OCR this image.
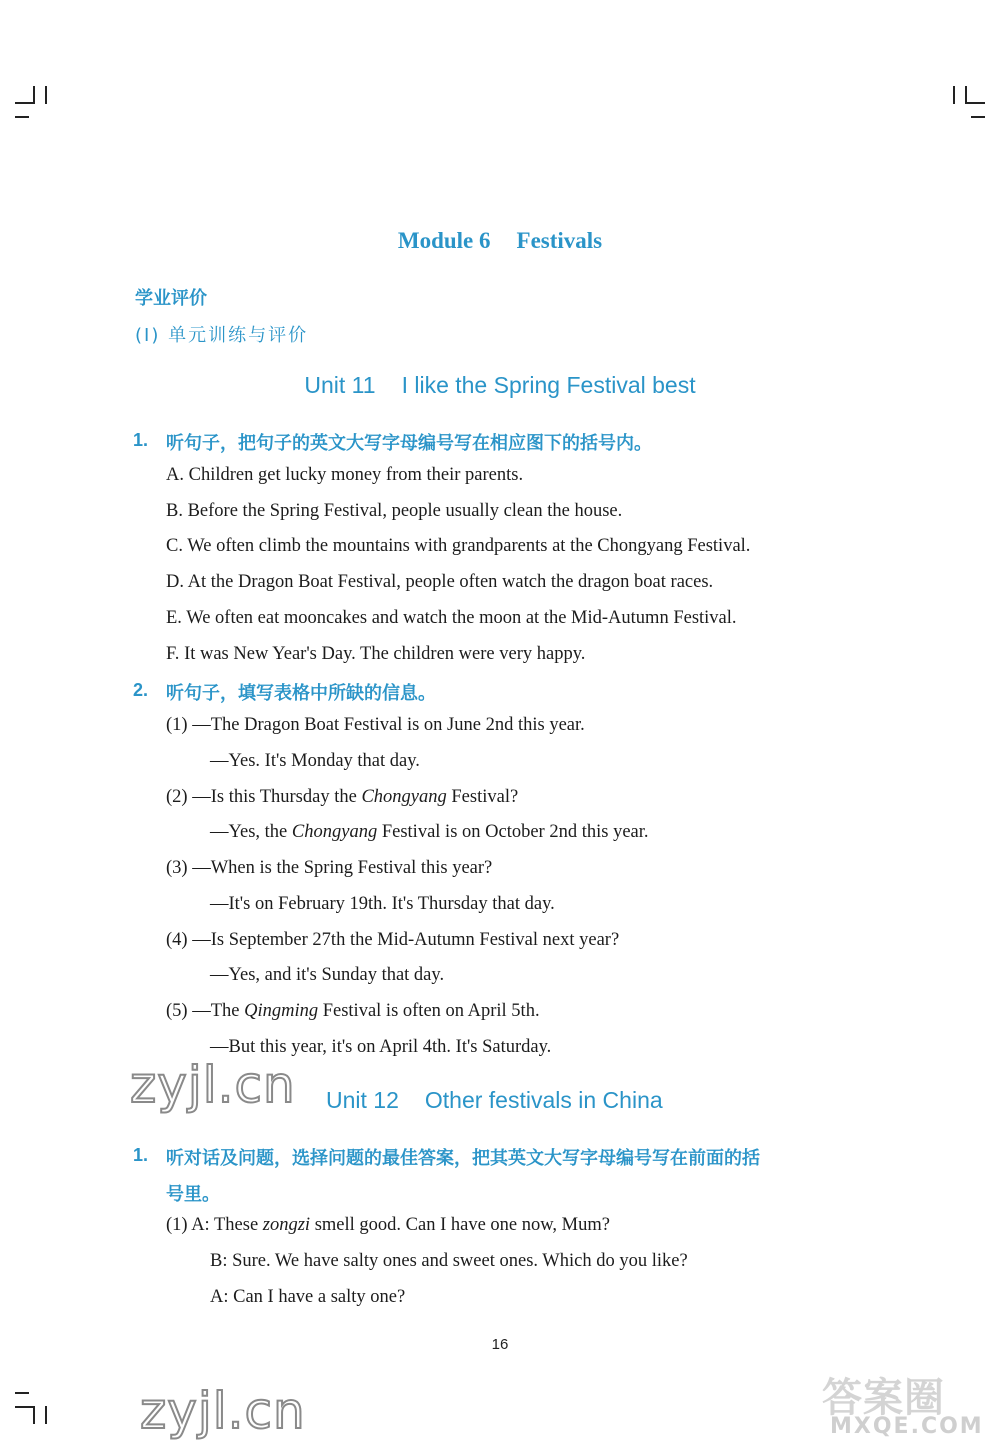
Module 6 Festivals
学业评价
(Ⅰ) 单元训练与评价
Unit 11 I like the Spring Festival best
1. 听句子，把句子的英文大写字母编号写在相应图下的括号内。
A. Children get lucky money from their parents.
B. Before the Spring Festival, people usually clean the house.
C. We often climb the mountains with grandparents at the Chongyang Festival.
D. At the Dragon Boat Festival, people often watch the dragon boat races.
E. We often eat mooncakes and watch the moon at the Mid-Autumn Festival.
F. It was New Year's Day. The children were very happy.
2. 听句子，填写表格中所缺的信息。
(1) —The Dragon Boat Festival is on June 2nd this year.
—Yes. It's Monday that day.
(2) —Is this Thursday the Chongyang Festival?
—Yes, the Chongyang Festival is on October 2nd this year.
(3) —When is the Spring Festival this year?
—It's on February 19th. It's Thursday that day.
(4) —Is September 27th the Mid-Autumn Festival next year?
—Yes, and it's Sunday that day.
(5) —The Qingming Festival is often on April 5th.
—But this year, it's on April 4th. It's Saturday.
zyjl.cn Unit 12 Other festivals in China
1. 听对话及问题，选择问题的最佳答案，把其英文大写字母编号写在前面的括
号里。
(1) A: These zongzi smell good. Can I have one now, Mum?
B: Sure. We have salty ones and sweet ones. Which do you like?
A: Can I have a salty one?
16
zyjl.cn	答案圈
MXQE.COM
